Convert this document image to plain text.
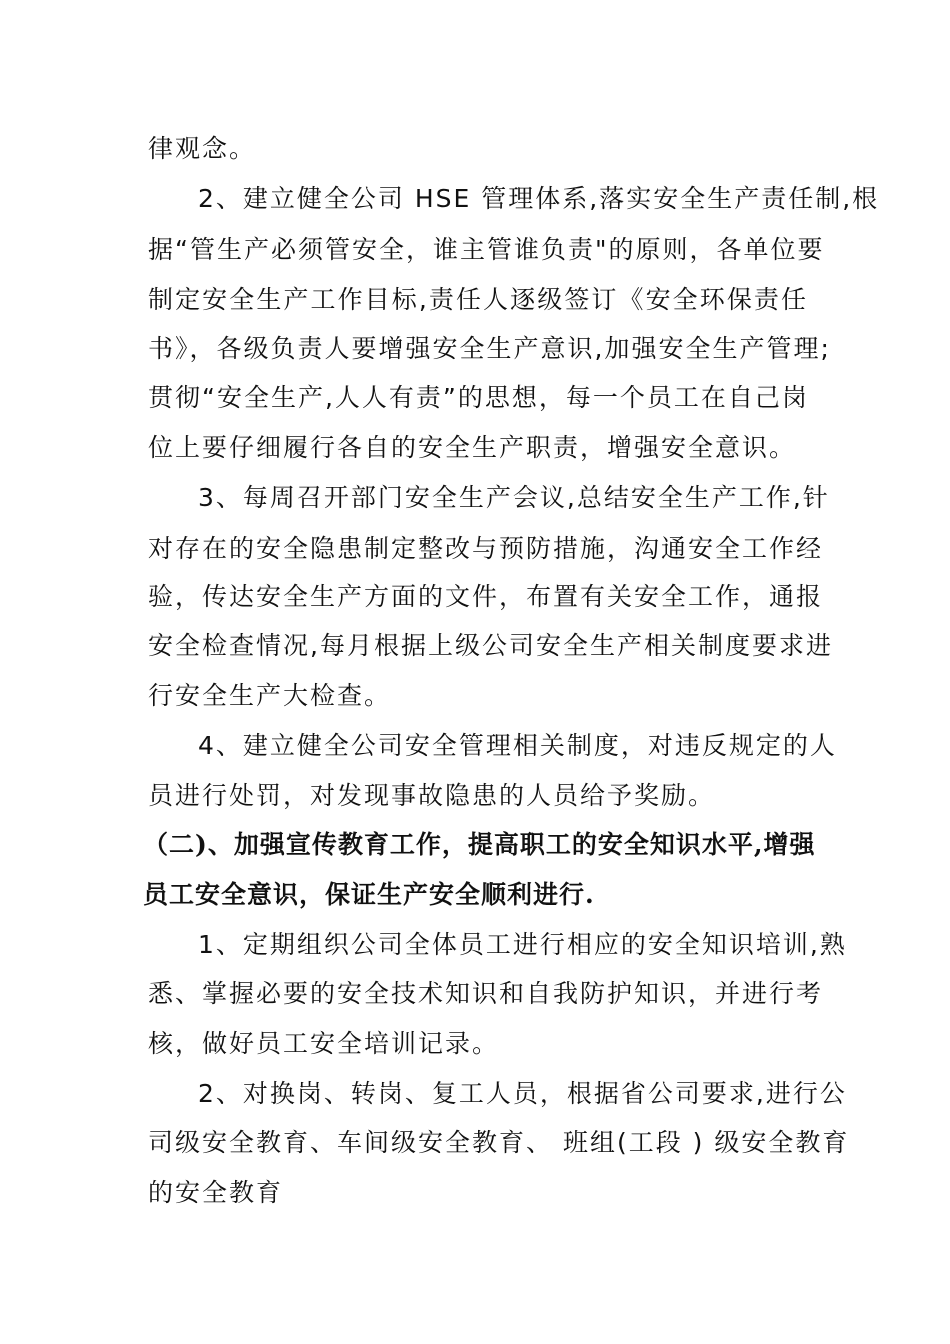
律观念。
2、建立健全公司 HSE 管理体系,落实安全生产责任制,根
据“管生产必须管安全，谁主管谁负责"的原则，各单位要
制定安全生产工作目标,责任人逐级签订《安全环保责任
书》，各级负责人要增强安全生产意识,加强安全生产管理;
贯彻“安全生产,人人有责”的思想，每一个员工在自己岗
位上要仔细履行各自的安全生产职责，增强安全意识。
3、每周召开部门安全生产会议,总结安全生产工作,针
对存在的安全隐患制定整改与预防措施，沟通安全工作经
验，传达安全生产方面的文件，布置有关安全工作，通报
安全检查情况,每月根据上级公司安全生产相关制度要求进
行安全生产大检查。
4、建立健全公司安全管理相关制度，对违反规定的人
员进行处罚，对发现事故隐患的人员给予奖励。
（二)、加强宣传教育工作，提高职工的安全知识水平,增强
员工安全意识，保证生产安全顺利进行.
1、定期组织公司全体员工进行相应的安全知识培训,熟
悉、掌握必要的安全技术知识和自我防护知识，并进行考
核，做好员工安全培训记录。
2、对换岗、转岗、复工人员，根据省公司要求,进行公
司级安全教育、车间级安全教育、 班组(工段 ) 级安全教育
的安全教育
